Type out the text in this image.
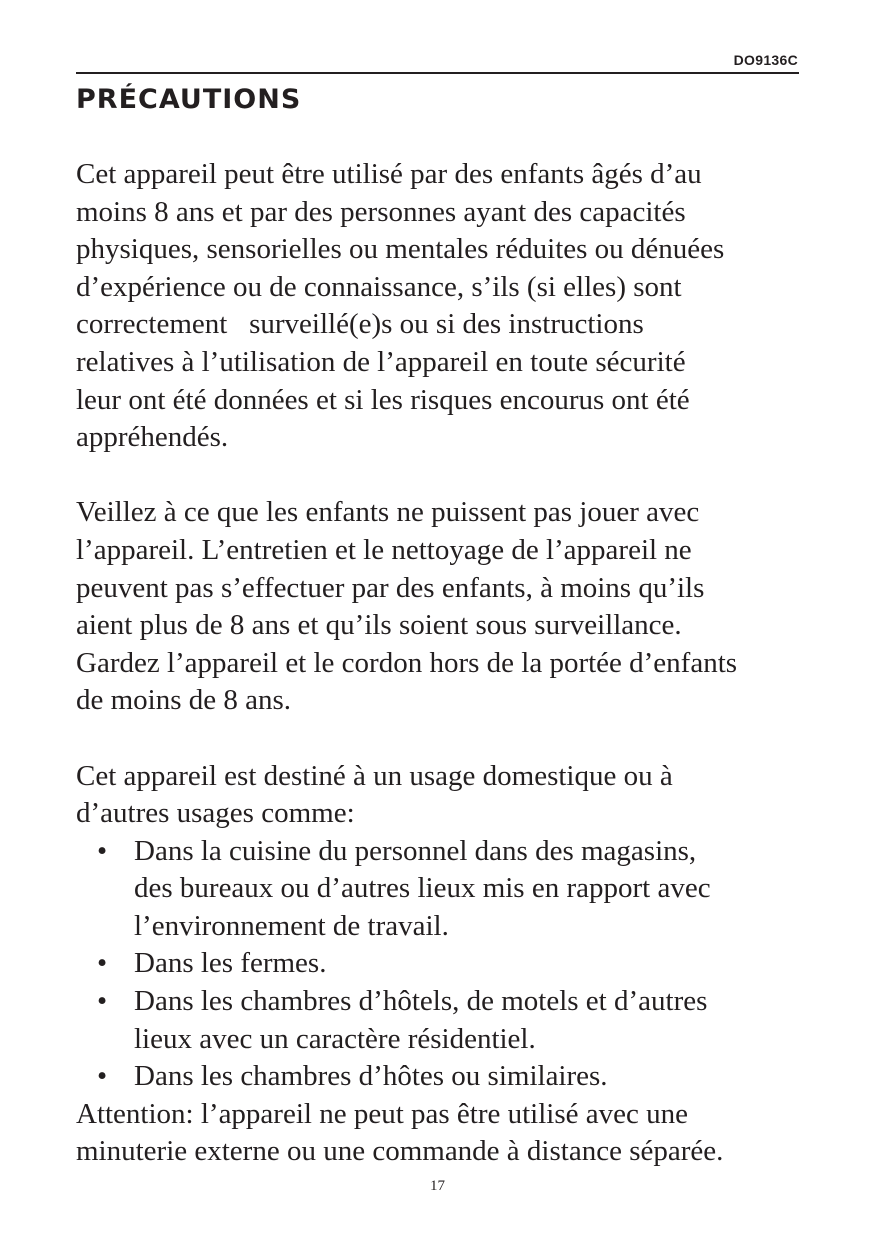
DO9136C
PRÉCAUTIONS

Cet appareil peut être utilisé par des enfants âgés d’au
moins 8 ans et par des personnes ayant des capacités
physiques, sensorielles ou mentales réduites ou dénuées
d’expérience ou de connaissance, s’ils (si elles) sont
correctement   surveillé(e)s ou si des instructions
relatives à l’utilisation de l’appareil en toute sécurité
leur ont été données et si les risques encourus ont été
appréhendés.

Veillez à ce que les enfants ne puissent pas jouer avec
l’appareil. L’entretien et le nettoyage de l’appareil ne
peuvent pas s’effectuer par des enfants, à moins qu’ils
aient plus de 8 ans et qu’ils soient sous surveillance.
Gardez l’appareil et le cordon hors de la portée d’enfants
de moins de 8 ans.

Cet appareil est destiné à un usage domestique ou à
d’autres usages comme:

• Dans la cuisine du personnel dans des magasins,
des bureaux ou d’autres lieux mis en rapport avec
l’environnement de travail.
• Dans les fermes.
• Dans les chambres d’hôtels, de motels et d’autres
lieux avec un caractère résidentiel.
• Dans les chambres d’hôtes ou similaires.

Attention: l’appareil ne peut pas être utilisé avec une
minuterie externe ou une commande à distance séparée.

17
